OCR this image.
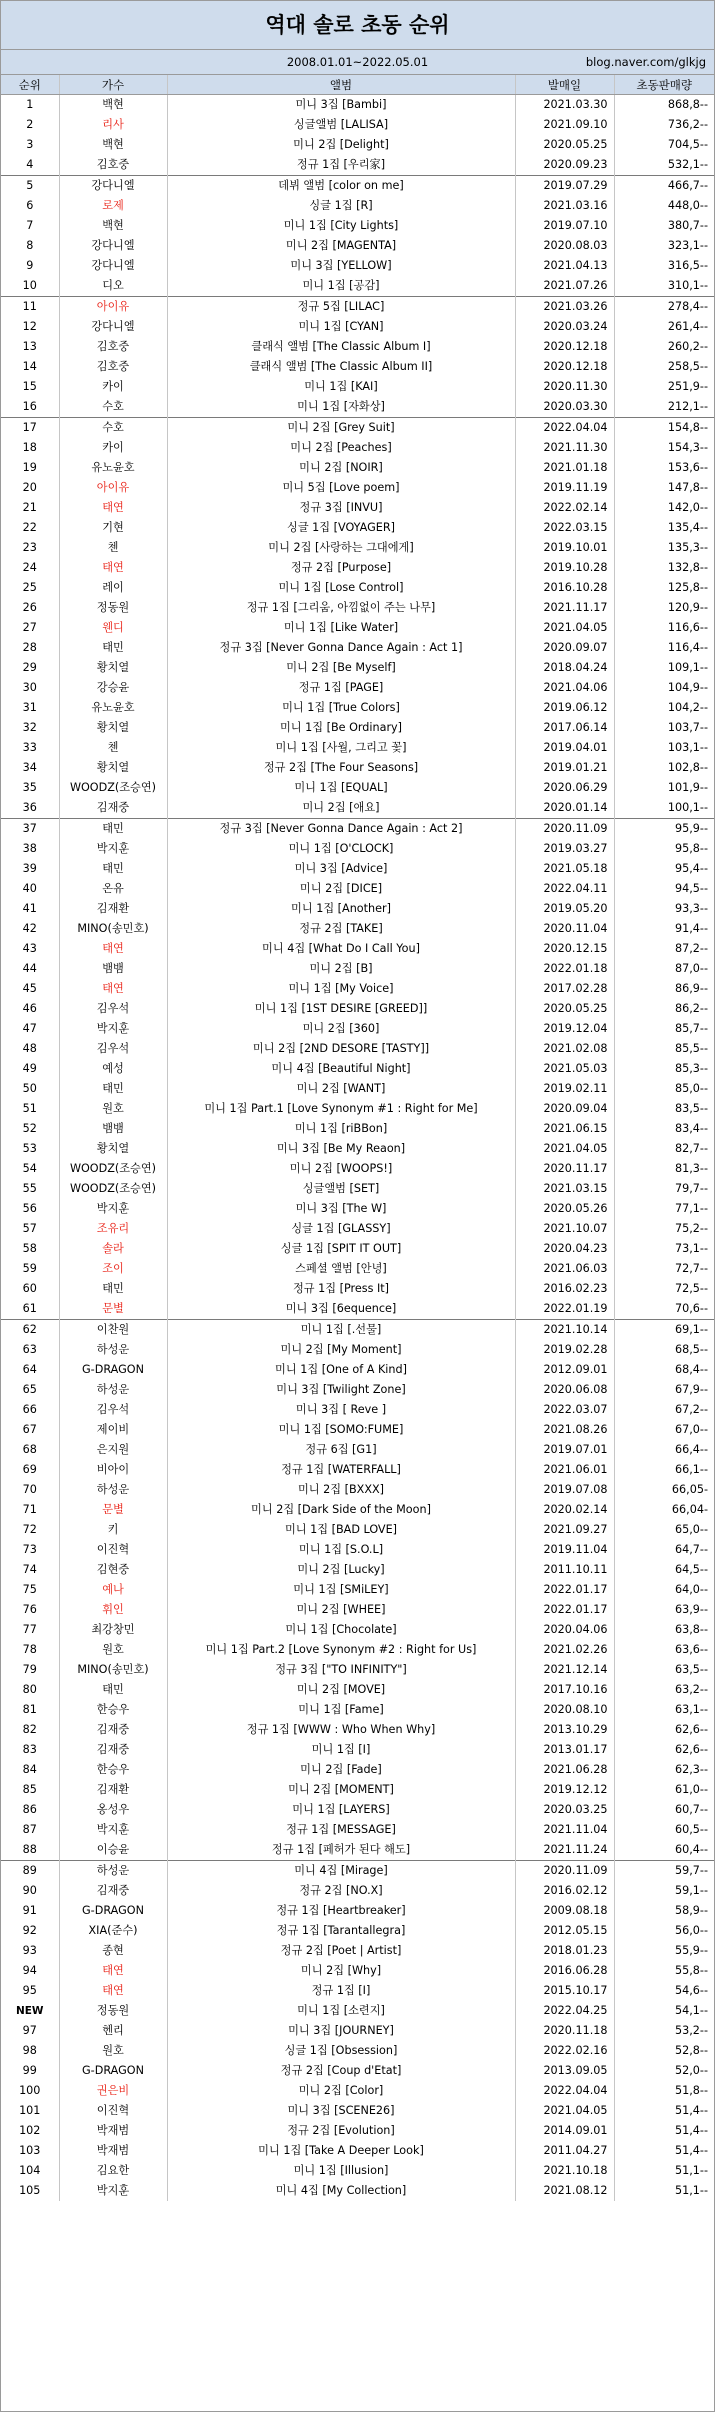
역대 솔로 초동 순위
2008.01.01~2022.05.01	blog.naver.com/glkjg
순위	가수	앨범	발매일	초동판매량
1	백현	미니 3집 [Bambi]	2021.03.30	868,8--
2	리사	싱글앨범 [LALISA]	2021.09.10	736,2--
3	백현	미니 2집 [Delight]	2020.05.25	704,5--
4	김호중	정규 1집 [우리家]	2020.09.23	532,1--
5	강다니엘	데뷔 앨범 [color on me]	2019.07.29	466,7--
6	로제	싱글 1집 [R]	2021.03.16	448,0--
7	백현	미니 1집 [City Lights]	2019.07.10	380,7--
8	강다니엘	미니 2집 [MAGENTA]	2020.08.03	323,1--
9	강다니엘	미니 3집 [YELLOW]	2021.04.13	316,5--
10	디오	미니 1집 [공감]	2021.07.26	310,1--
11	아이유	정규 5집 [LILAC]	2021.03.26	278,4--
12	강다니엘	미니 1집 [CYAN]	2020.03.24	261,4--
13	김호중	클래식 앨범 [The Classic Album I]	2020.12.18	260,2--
14	김호중	클래식 앨범 [The Classic Album II]	2020.12.18	258,5--
15	카이	미니 1집 [KAI]	2020.11.30	251,9--
16	수호	미니 1집 [자화상]	2020.03.30	212,1--
17	수호	미니 2집 [Grey Suit]	2022.04.04	154,8--
18	카이	미니 2집 [Peaches]	2021.11.30	154,3--
19	유노윤호	미니 2집 [NOIR]	2021.01.18	153,6--
20	아이유	미니 5집 [Love poem]	2019.11.19	147,8--
21	태연	정규 3집 [INVU]	2022.02.14	142,0--
22	기현	싱글 1집 [VOYAGER]	2022.03.15	135,4--
23	첸	미니 2집 [사랑하는 그대에게]	2019.10.01	135,3--
24	태연	정규 2집 [Purpose]	2019.10.28	132,8--
25	레이	미니 1집 [Lose Control]	2016.10.28	125,8--
26	정동원	정규 1집 [그리움, 아낌없이 주는 나무]	2021.11.17	120,9--
27	웬디	미니 1집 [Like Water]	2021.04.05	116,6--
28	태민	정규 3집 [Never Gonna Dance Again : Act 1]	2020.09.07	116,4--
29	황치열	미니 2집 [Be Myself]	2018.04.24	109,1--
30	강승윤	정규 1집 [PAGE]	2021.04.06	104,9--
31	유노윤호	미니 1집 [True Colors]	2019.06.12	104,2--
32	황치열	미니 1집 [Be Ordinary]	2017.06.14	103,7--
33	첸	미니 1집 [사월, 그리고 꽃]	2019.04.01	103,1--
34	황치열	정규 2집 [The Four Seasons]	2019.01.21	102,8--
35	WOODZ(조승연)	미니 1집 [EQUAL]	2020.06.29	101,9--
36	김재중	미니 2집 [애요]	2020.01.14	100,1--
37	태민	정규 3집 [Never Gonna Dance Again : Act 2]	2020.11.09	95,9--
38	박지훈	미니 1집 [O'CLOCK]	2019.03.27	95,8--
39	태민	미니 3집 [Advice]	2021.05.18	95,4--
40	온유	미니 2집 [DICE]	2022.04.11	94,5--
41	김재환	미니 1집 [Another]	2019.05.20	93,3--
42	MINO(송민호)	정규 2집 [TAKE]	2020.11.04	91,4--
43	태연	미니 4집 [What Do I Call You]	2020.12.15	87,2--
44	뱀뱀	미니 2집 [B]	2022.01.18	87,0--
45	태연	미니 1집 [My Voice]	2017.02.28	86,9--
46	김우석	미니 1집 [1ST DESIRE [GREED]]	2020.05.25	86,2--
47	박지훈	미니 2집 [360]	2019.12.04	85,7--
48	김우석	미니 2집 [2ND DESORE [TASTY]]	2021.02.08	85,5--
49	예성	미니 4집 [Beautiful Night]	2021.05.03	85,3--
50	태민	미니 2집 [WANT]	2019.02.11	85,0--
51	원호	미니 1집 Part.1 [Love Synonym #1 : Right for Me]	2020.09.04	83,5--
52	뱀뱀	미니 1집 [riBBon]	2021.06.15	83,4--
53	황치열	미니 3집 [Be My Reaon]	2021.04.05	82,7--
54	WOODZ(조승연)	미니 2집 [WOOPS!]	2020.11.17	81,3--
55	WOODZ(조승연)	싱글앨범 [SET]	2021.03.15	79,7--
56	박지훈	미니 3집 [The W]	2020.05.26	77,1--
57	조유리	싱글 1집 [GLASSY]	2021.10.07	75,2--
58	솔라	싱글 1집 [SPIT IT OUT]	2020.04.23	73,1--
59	조이	스페셜 앨범 [안녕]	2021.06.03	72,7--
60	태민	정규 1집 [Press It]	2016.02.23	72,5--
61	문별	미니 3집 [6equence]	2022.01.19	70,6--
62	이찬원	미니 1집 [.선물]	2021.10.14	69,1--
63	하성운	미니 2집 [My Moment]	2019.02.28	68,5--
64	G-DRAGON	미니 1집 [One of A Kind]	2012.09.01	68,4--
65	하성운	미니 3집 [Twilight Zone]	2020.06.08	67,9--
66	김우석	미니 3집 [ Reve ]	2022.03.07	67,2--
67	제이비	미니 1집 [SOMO:FUME]	2021.08.26	67,0--
68	은지원	정규 6집 [G1]	2019.07.01	66,4--
69	비아이	정규 1집 [WATERFALL]	2021.06.01	66,1--
70	하성운	미니 2집 [BXXX]	2019.07.08	66,05-
71	문별	미니 2집 [Dark Side of the Moon]	2020.02.14	66,04-
72	키	미니 1집 [BAD LOVE]	2021.09.27	65,0--
73	이진혁	미니 1집 [S.O.L]	2019.11.04	64,7--
74	김현중	미니 2집 [Lucky]	2011.10.11	64,5--
75	예나	미니 1집 [SMiLEY]	2022.01.17	64,0--
76	휘인	미니 2집 [WHEE]	2022.01.17	63,9--
77	최강창민	미니 1집 [Chocolate]	2020.04.06	63,8--
78	원호	미니 1집 Part.2 [Love Synonym #2 : Right for Us]	2021.02.26	63,6--
79	MINO(송민호)	정규 3집 ["TO INFINITY"]	2021.12.14	63,5--
80	태민	미니 2집 [MOVE]	2017.10.16	63,2--
81	한승우	미니 1집 [Fame]	2020.08.10	63,1--
82	김재중	정규 1집 [WWW : Who When Why]	2013.10.29	62,6--
83	김재중	미니 1집 [I]	2013.01.17	62,6--
84	한승우	미니 2집 [Fade]	2021.06.28	62,3--
85	김재환	미니 2집 [MOMENT]	2019.12.12	61,0--
86	옹성우	미니 1집 [LAYERS]	2020.03.25	60,7--
87	박지훈	정규 1집 [MESSAGE]	2021.11.04	60,5--
88	이승윤	정규 1집 [페허가 된다 해도]	2021.11.24	60,4--
89	하성운	미니 4집 [Mirage]	2020.11.09	59,7--
90	김재중	정규 2집 [NO.X]	2016.02.12	59,1--
91	G-DRAGON	정규 1집 [Heartbreaker]	2009.08.18	58,9--
92	XIA(준수)	정규 1집 [Tarantallegra]	2012.05.15	56,0--
93	종현	정규 2집 [Poet | Artist]	2018.01.23	55,9--
94	태연	미니 2집 [Why]	2016.06.28	55,8--
95	태연	정규 1집 [I]	2015.10.17	54,6--
NEW	정동원	미니 1집 [소련지]	2022.04.25	54,1--
97	헨리	미니 3집 [JOURNEY]	2020.11.18	53,2--
98	원호	싱글 1집 [Obsession]	2022.02.16	52,8--
99	G-DRAGON	정규 2집 [Coup d'Etat]	2013.09.05	52,0--
100	권은비	미니 2집 [Color]	2022.04.04	51,8--
101	이진혁	미니 3집 [SCENE26]	2021.04.05	51,4--
102	박재범	정규 2집 [Evolution]	2014.09.01	51,4--
103	박재범	미니 1집 [Take A Deeper Look]	2011.04.27	51,4--
104	김요한	미니 1집 [Illusion]	2021.10.18	51,1--
105	박지훈	미니 4집 [My Collection]	2021.08.12	51,1--
